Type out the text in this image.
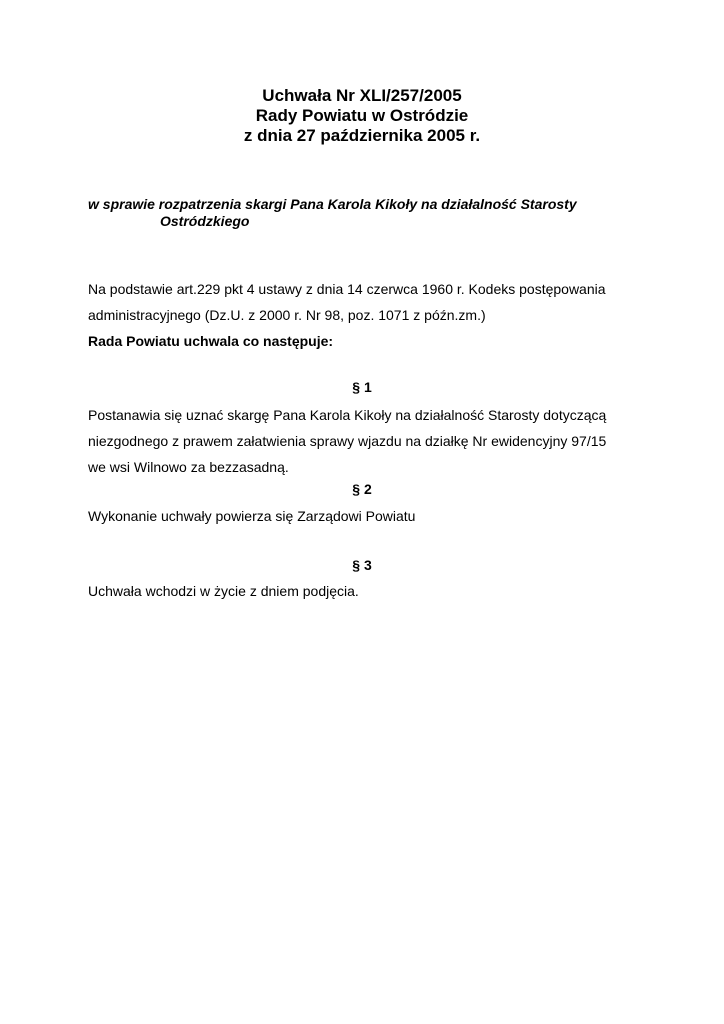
Uchwała Nr XLI/257/2005
Rady Powiatu w Ostródzie
z dnia 27 października 2005 r.
w sprawie rozpatrzenia skargi Pana Karola Kikoły na działalność Starosty
Ostródzkiego
Na podstawie art.229 pkt 4 ustawy z dnia 14 czerwca 1960 r. Kodeks postępowania
administracyjnego (Dz.U. z 2000 r. Nr 98, poz. 1071 z późn.zm.)
Rada Powiatu uchwala co następuje:
§ 1
Postanawia się uznać skargę Pana Karola Kikoły na działalność Starosty dotyczącą
niezgodnego z prawem załatwienia sprawy wjazdu na działkę Nr ewidencyjny 97/15
we wsi Wilnowo za bezzasadną.
§ 2
Wykonanie uchwały powierza się Zarządowi Powiatu
§ 3
Uchwała wchodzi w życie z dniem podjęcia.
